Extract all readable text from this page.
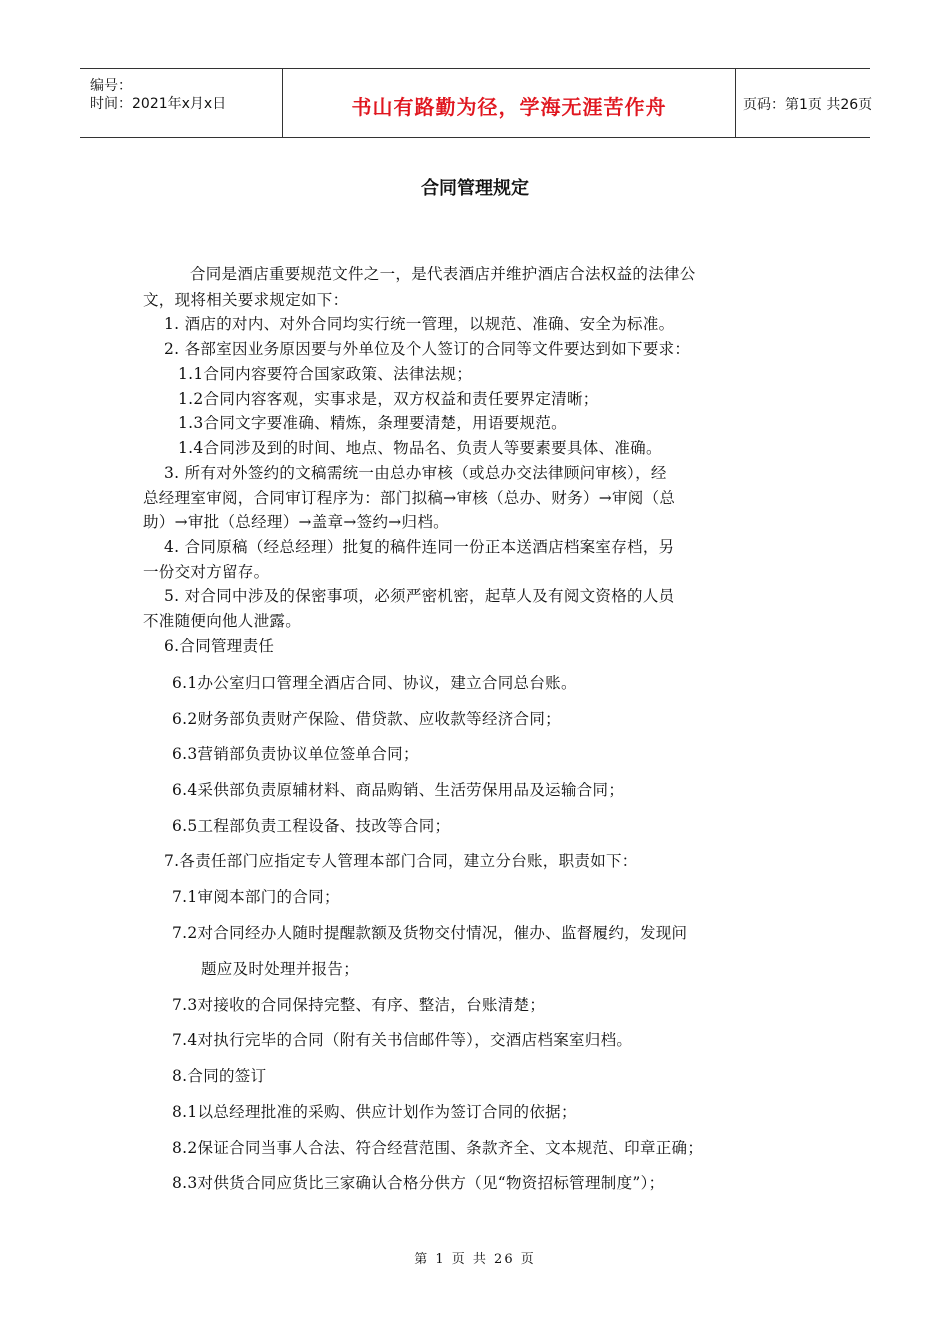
编号：
时间：2021年x月x日	书山有路勤为径，学海无涯苦作舟	页码：第1页 共26页
合同管理规定
合同是酒店重要规范文件之一，是代表酒店并维护酒店合法权益的法律公
文，现将相关要求规定如下：
1. 酒店的对内、对外合同均实行统一管理，以规范、准确、安全为标准。
2. 各部室因业务原因要与外单位及个人签订的合同等文件要达到如下要求：
1.1合同内容要符合国家政策、法律法规；
1.2合同内容客观，实事求是，双方权益和责任要界定清晰；
1.3合同文字要准确、精炼，条理要清楚，用语要规范。
1.4合同涉及到的时间、地点、物品名、负责人等要素要具体、准确。
3. 所有对外签约的文稿需统一由总办审核（或总办交法律顾问审核），经
总经理室审阅，合同审订程序为：部门拟稿→审核（总办、财务）→审阅（总
助）→审批（总经理）→盖章→签约→归档。
4. 合同原稿（经总经理）批复的稿件连同一份正本送酒店档案室存档，另
一份交对方留存。
5. 对合同中涉及的保密事项，必须严密机密，起草人及有阅文资格的人员
不准随便向他人泄露。
6.合同管理责任
6.1办公室归口管理全酒店合同、协议，建立合同总台账。
6.2财务部负责财产保险、借贷款、应收款等经济合同；
6.3营销部负责协议单位签单合同；
6.4采供部负责原辅材料、商品购销、生活劳保用品及运输合同；
6.5工程部负责工程设备、技改等合同；
7.各责任部门应指定专人管理本部门合同，建立分台账，职责如下：
7.1审阅本部门的合同；
7.2对合同经办人随时提醒款额及货物交付情况，催办、监督履约，发现问
题应及时处理并报告；
7.3对接收的合同保持完整、有序、整洁，台账清楚；
7.4对执行完毕的合同（附有关书信邮件等），交酒店档案室归档。
8.合同的签订
8.1以总经理批准的采购、供应计划作为签订合同的依据；
8.2保证合同当事人合法、符合经营范围、条款齐全、文本规范、印章正确；
8.3对供货合同应货比三家确认合格分供方（见“物资招标管理制度”）；
第 1 页 共 26 页
